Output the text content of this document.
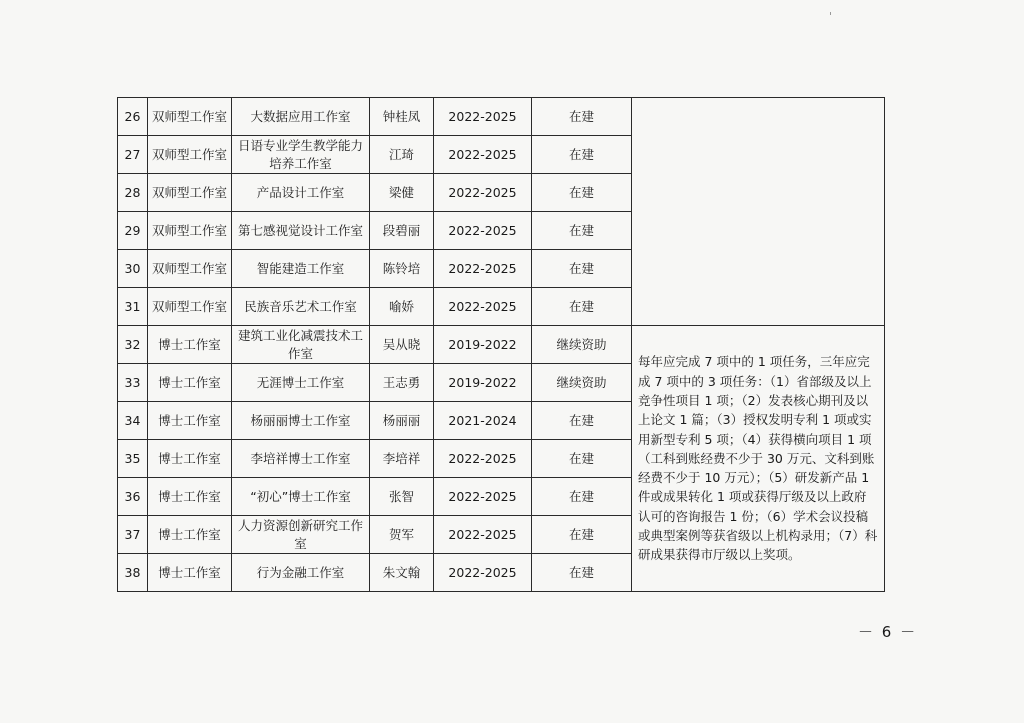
26	双师型工作室	大数据应用工作室	钟桂凤	2022-2025	在建	
27	双师型工作室	日语专业学生教学能力培养工作室	江琦	2022-2025	在建	
28	双师型工作室	产品设计工作室	梁健	2022-2025	在建	
29	双师型工作室	第七感视觉设计工作室	段碧丽	2022-2025	在建	
30	双师型工作室	智能建造工作室	陈铃培	2022-2025	在建	
31	双师型工作室	民族音乐艺术工作室	喻娇	2022-2025	在建	
32	博士工作室	建筑工业化减震技术工作室	吴从晓	2019-2022	继续资助	每年应完成 7 项中的 1 项任务，三年应完成 7 项中的 3 项任务：（1）省部级及以上竞争性项目 1 项；（2）发表核心期刊及以上论文 1 篇；（3）授权发明专利 1 项或实用新型专利 5 项；（4）获得横向项目 1 项（工科到账经费不少于 30 万元、文科到账经费不少于 10 万元）；（5）研发新产品 1 件或成果转化 1 项或获得厅级及以上政府认可的咨询报告 1 份；（6）学术会议投稿或典型案例等获省级以上机构录用；（7）科研成果获得市厅级以上奖项。
33	博士工作室	无涯博士工作室	王志勇	2019-2022	继续资助	
34	博士工作室	杨丽丽博士工作室	杨丽丽	2021-2024	在建	
35	博士工作室	李培祥博士工作室	李培祥	2022-2025	在建	
36	博士工作室	“初心”博士工作室	张智	2022-2025	在建	
37	博士工作室	人力资源创新研究工作室	贺军	2022-2025	在建	
38	博士工作室	行为金融工作室	朱文翰	2022-2025	在建	
－ 6 －
